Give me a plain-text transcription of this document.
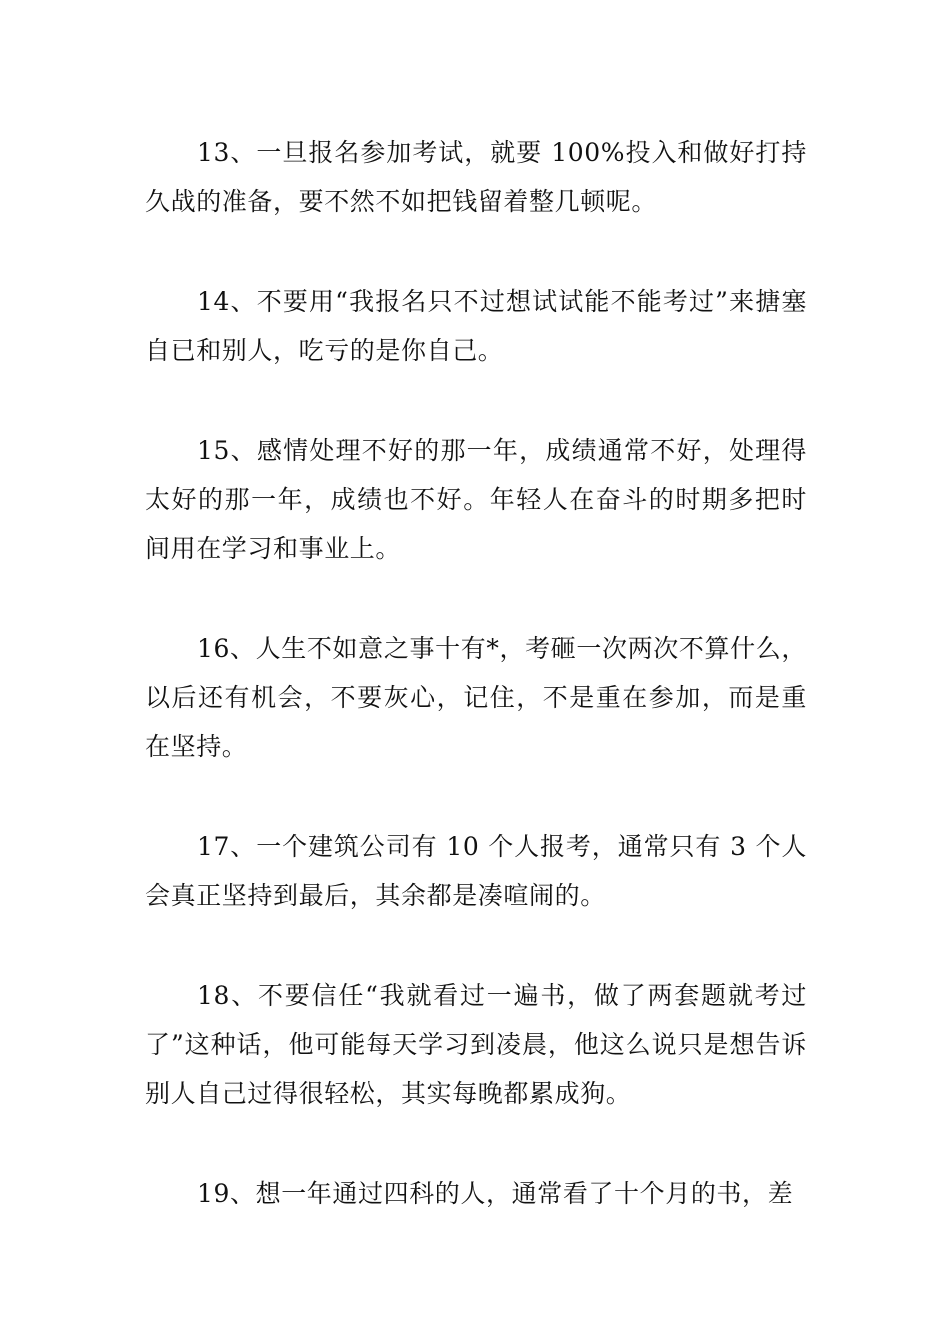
13、一旦报名参加考试，就要 100%投入和做好打持久战的准备，要不然不如把钱留着整几顿呢。

14、不要用“我报名只不过想试试能不能考过”来搪塞自已和别人，吃亏的是你自己。

15、感情处理不好的那一年，成绩通常不好，处理得太好的那一年，成绩也不好。年轻人在奋斗的时期多把时间用在学习和事业上。

16、人生不如意之事十有*，考砸一次两次不算什么，以后还有机会，不要灰心，记住，不是重在参加，而是重在坚持。

17、一个建筑公司有 10 个人报考，通常只有 3 个人会真正坚持到最后，其余都是凑喧闹的。

18、不要信任“我就看过一遍书，做了两套题就考过了”这种话，他可能每天学习到凌晨，他这么说只是想告诉别人自己过得很轻松，其实每晚都累成狗。

19、想一年通过四科的人，通常看了十个月的书，差
